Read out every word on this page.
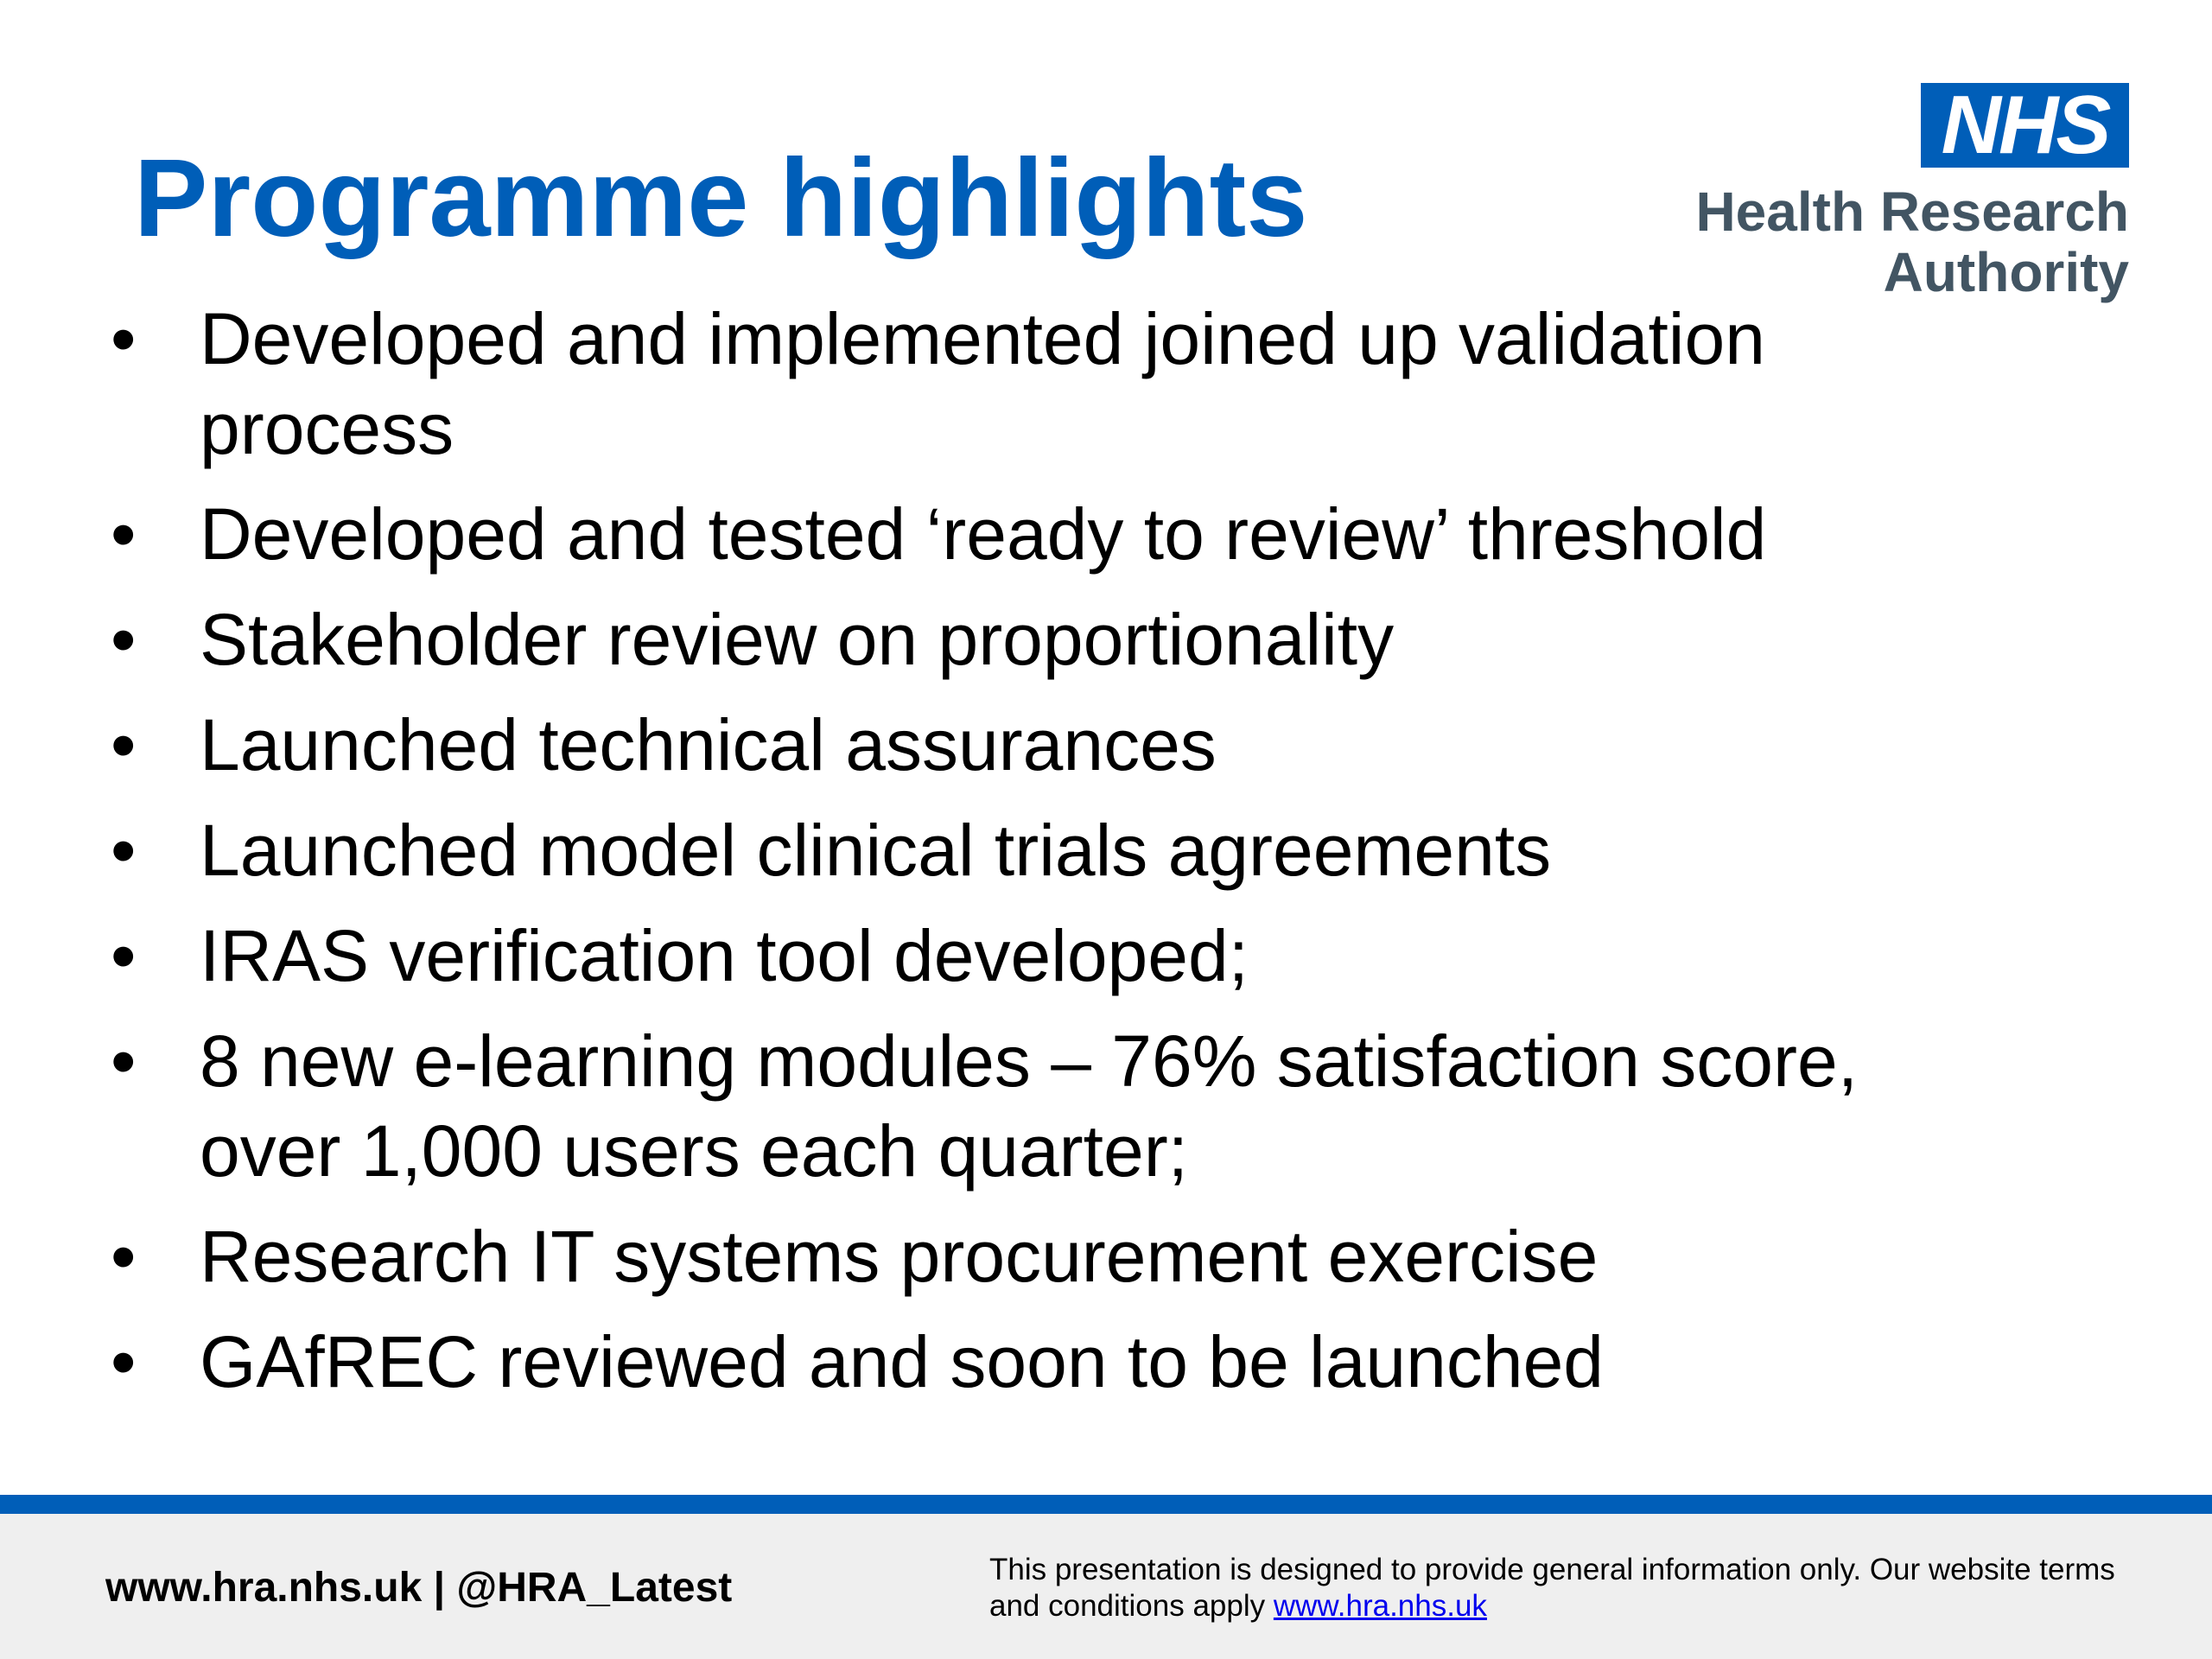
Programme highlights
NHS

Health Research
Authority

• Developed and implemented joined up validation process
• Developed and tested ‘ready to review’ threshold
• Stakeholder review on proportionality
• Launched technical assurances
• Launched model clinical trials agreements
• IRAS verification tool developed;
• 8 new e-learning modules – 76% satisfaction score, over 1,000 users each quarter;
• Research IT systems procurement exercise
• GAfREC reviewed and soon to be launched
www.hra.nhs.uk | @HRA_Latest	This presentation is designed to provide general information only. Our website terms and conditions apply www.hra.nhs.uk
